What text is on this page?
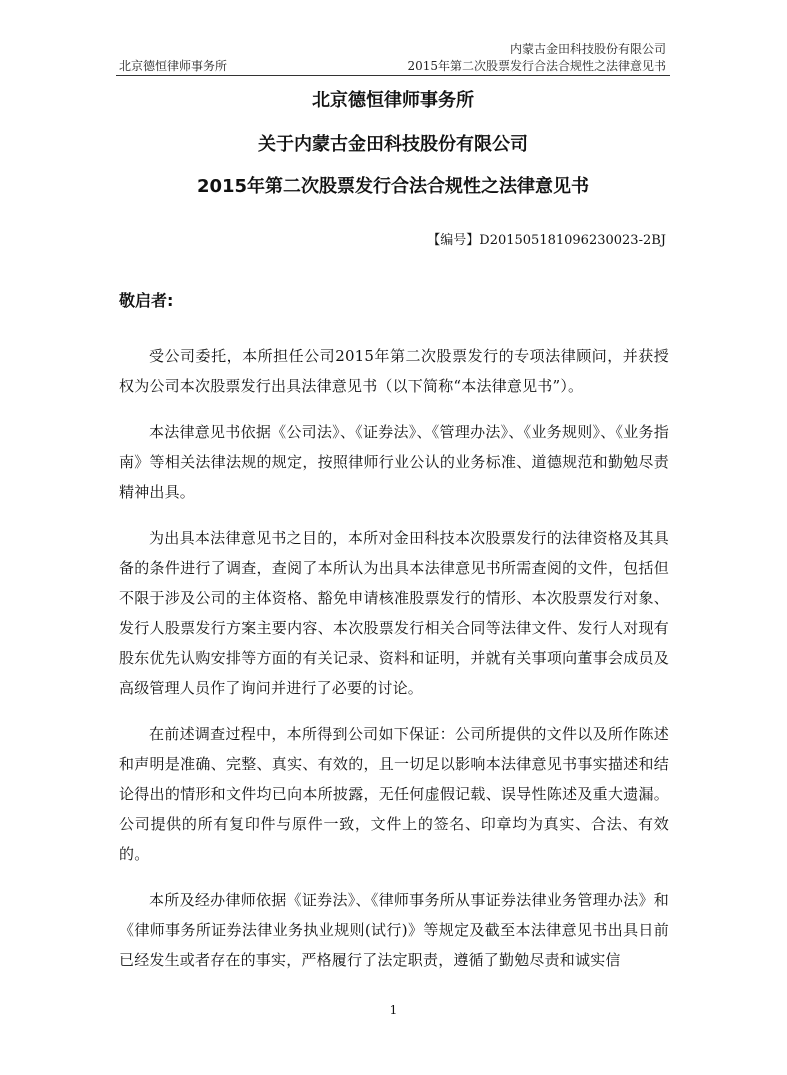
北京德恒律师事务所
内蒙古金田科技股份有限公司
2015年第二次股票发行合法合规性之法律意见书
北京德恒律师事务所
关于内蒙古金田科技股份有限公司
2015年第二次股票发行合法合规性之法律意见书
【编号】D201505181096230023-2BJ
敬启者:

受公司委托，本所担任公司2015年第二次股票发行的专项法律顾问，并获授权为公司本次股票发行出具法律意见书（以下简称“本法律意见书”）。

本法律意见书依据《公司法》、《证券法》、《管理办法》、《业务规则》、《业务指南》等相关法律法规的规定，按照律师行业公认的业务标准、道德规范和勤勉尽责精神出具。

为出具本法律意见书之目的，本所对金田科技本次股票发行的法律资格及其具备的条件进行了调查，查阅了本所认为出具本法律意见书所需查阅的文件，包括但不限于涉及公司的主体资格、豁免申请核准股票发行的情形、本次股票发行对象、发行人股票发行方案主要内容、本次股票发行相关合同等法律文件、发行人对现有股东优先认购安排等方面的有关记录、资料和证明，并就有关事项向董事会成员及高级管理人员作了询问并进行了必要的讨论。

在前述调查过程中，本所得到公司如下保证：公司所提供的文件以及所作陈述和声明是准确、完整、真实、有效的，且一切足以影响本法律意见书事实描述和结论得出的情形和文件均已向本所披露，无任何虚假记载、误导性陈述及重大遗漏。公司提供的所有复印件与原件一致，文件上的签名、印章均为真实、合法、有效的。

本所及经办律师依据《证券法》、《律师事务所从事证券法律业务管理办法》和《律师事务所证券法律业务执业规则(试行)》等规定及截至本法律意见书出具日前已经发生或者存在的事实，严格履行了法定职责，遵循了勤勉尽责和诚实信

1
